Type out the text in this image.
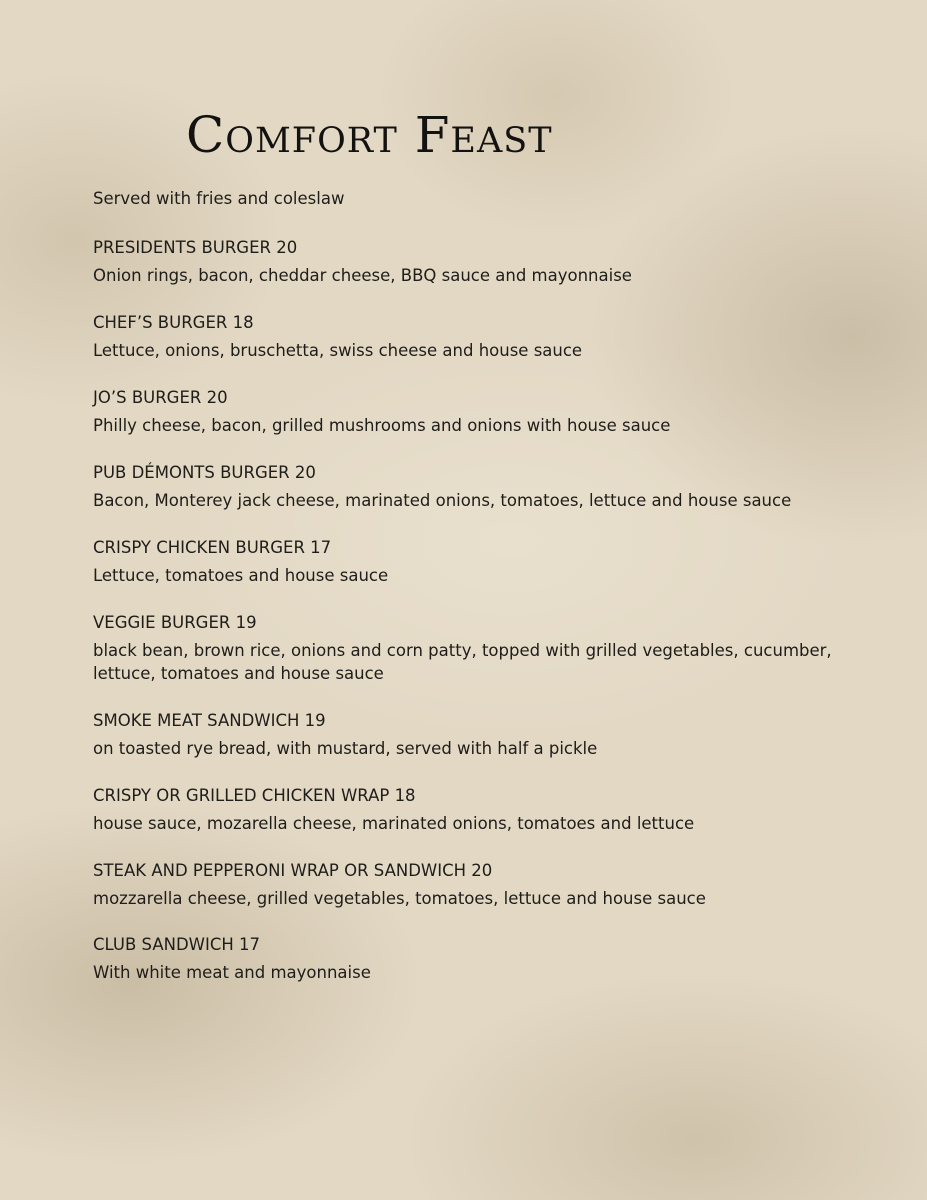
Comfort Feast

Served with fries and coleslaw

PRESIDENTS BURGER 20

Onion rings, bacon, cheddar cheese, BBQ sauce and mayonnaise

CHEF’S BURGER 18

Lettuce, onions, bruschetta, swiss cheese and house sauce

JO’S BURGER 20

Philly cheese, bacon, grilled mushrooms and onions with house sauce

PUB DÉMONTS BURGER 20

Bacon, Monterey jack cheese, marinated onions, tomatoes, lettuce and house sauce

CRISPY CHICKEN BURGER 17

Lettuce, tomatoes and house sauce

VEGGIE BURGER 19

black bean, brown rice, onions and corn patty, topped with grilled vegetables, cucumber, lettuce, tomatoes and house sauce

SMOKE MEAT SANDWICH 19

on toasted rye bread, with mustard, served with half a pickle

CRISPY OR GRILLED CHICKEN WRAP 18

house sauce, mozarella cheese, marinated onions, tomatoes and lettuce

STEAK AND PEPPERONI WRAP OR SANDWICH 20

mozzarella cheese, grilled vegetables, tomatoes, lettuce and house sauce

CLUB SANDWICH 17

With white meat and mayonnaise
